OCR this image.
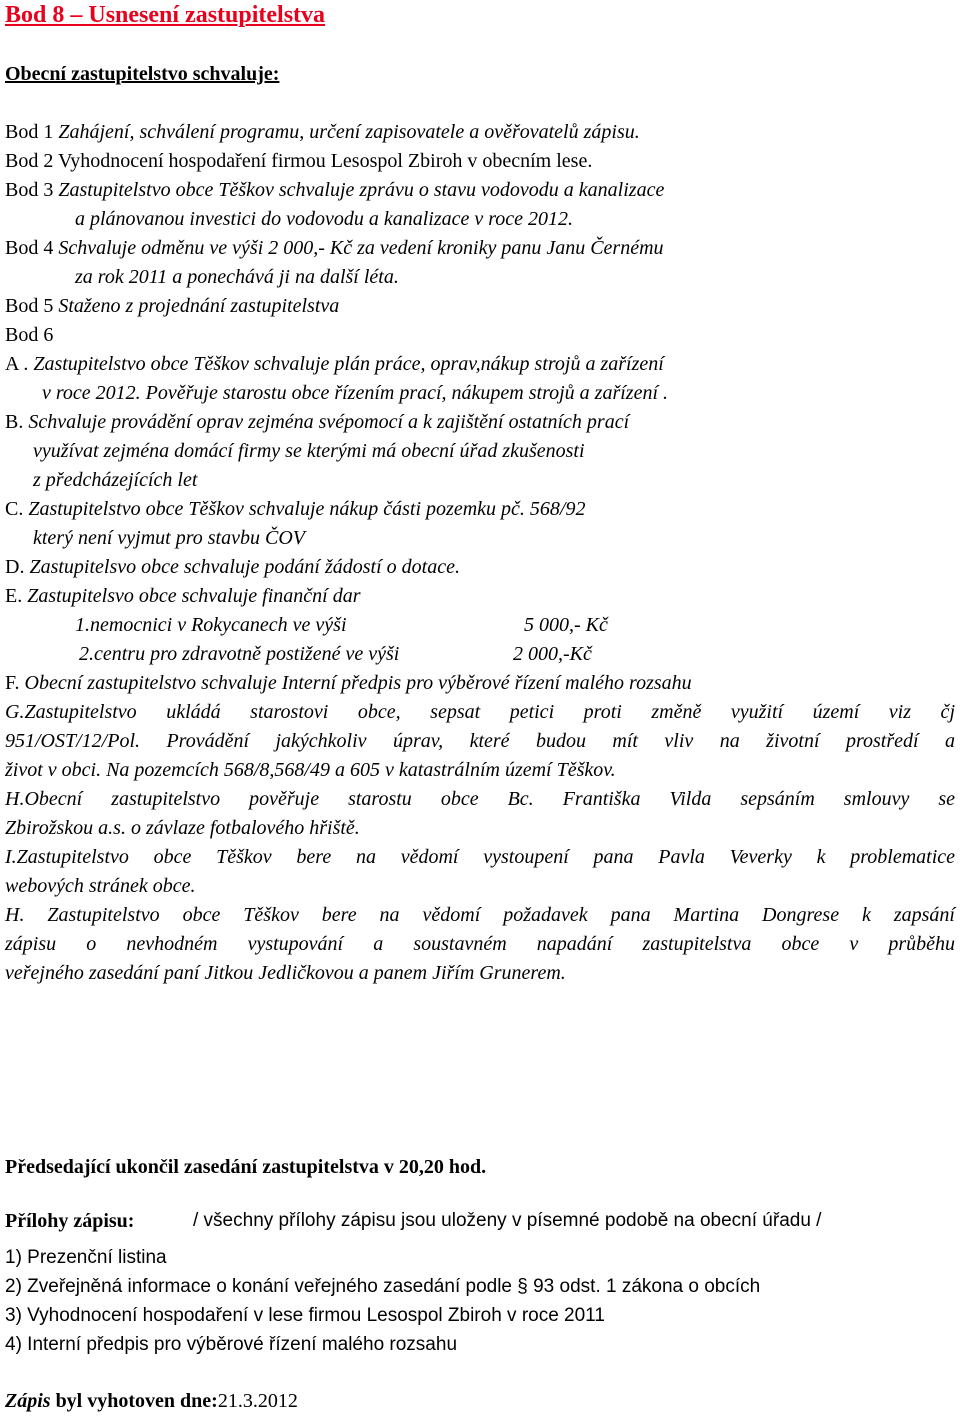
Bod 8 – Usnesení zastupitelstva
Obecní zastupitelstvo schvaluje:
Bod 1 Zahájení, schválení programu, určení zapisovatele a ověřovatelů zápisu.
Bod 2 Vyhodnocení hospodaření firmou Lesospol Zbiroh v obecním lese.
Bod 3 Zastupitelstvo obce Těškov schvaluje zprávu o stavu vodovodu a kanalizace
a plánovanou investici do vodovodu a kanalizace v roce 2012.
Bod 4 Schvaluje odměnu ve výši 2 000,- Kč za vedení kroniky panu Janu Černému
za rok 2011 a ponechává ji na další léta.
Bod 5 Staženo z projednání zastupitelstva
Bod 6
A . Zastupitelstvo obce Těškov schvaluje plán práce, oprav,nákup strojů a zařízení
v roce 2012. Pověřuje starostu obce řízením prací, nákupem strojů a zařízení .
B. Schvaluje provádění oprav zejména svépomocí a k zajištění ostatních prací
využívat zejména domácí firmy se kterými má obecní úřad zkušenosti
z předcházejících let
C. Zastupitelstvo obce Těškov schvaluje nákup části pozemku pč. 568/92
který není vyjmut pro stavbu ČOV
D. Zastupitelsvo obce schvaluje podání žádostí o dotace.
E. Zastupitelsvo obce schvaluje finanční dar
1.nemocnici v Rokycanech ve výši	5 000,- Kč
2.centru pro zdravotně postižené ve výši	2 000,-Kč
F. Obecní zastupitelstvo schvaluje Interní předpis pro výběrové řízení malého rozsahu
G.Zastupitelstvo ukládá starostovi obce, sepsat petici proti změně využití území viz čj
951/OST/12/Pol. Provádění jakýchkoliv úprav, které budou mít vliv na životní prostředí a
život v obci. Na pozemcích 568/8,568/49 a 605 v katastrálním území Těškov.
H.Obecní zastupitelstvo pověřuje starostu obce Bc. Františka Vilda sepsáním smlouvy se
Zbirožskou a.s. o závlaze fotbalového hřiště.
I.Zastupitelstvo obce Těškov bere na vědomí vystoupení pana Pavla Veverky k problematice
webových stránek obce.
H. Zastupitelstvo obce Těškov bere na vědomí požadavek pana Martina Dongrese k zapsání
zápisu o nevhodném vystupování a soustavném napadání zastupitelstva obce v průběhu
veřejného zasedání paní Jitkou Jedličkovou a panem Jiřím Grunerem.
Předsedající ukončil zasedání zastupitelstva v 20,20 hod.
Přílohy zápisu:	/ všechny přílohy zápisu jsou uloženy v písemné podobě na obecní úřadu /
1) Prezenční listina
2) Zveřejněná informace o konání veřejného zasedání podle § 93 odst. 1 zákona o obcích
3) Vyhodnocení hospodaření v lese firmou Lesospol Zbiroh v roce 2011
4) Interní předpis pro výběrové řízení malého rozsahu
Zápis byl vyhotoven dne:21.3.2012
